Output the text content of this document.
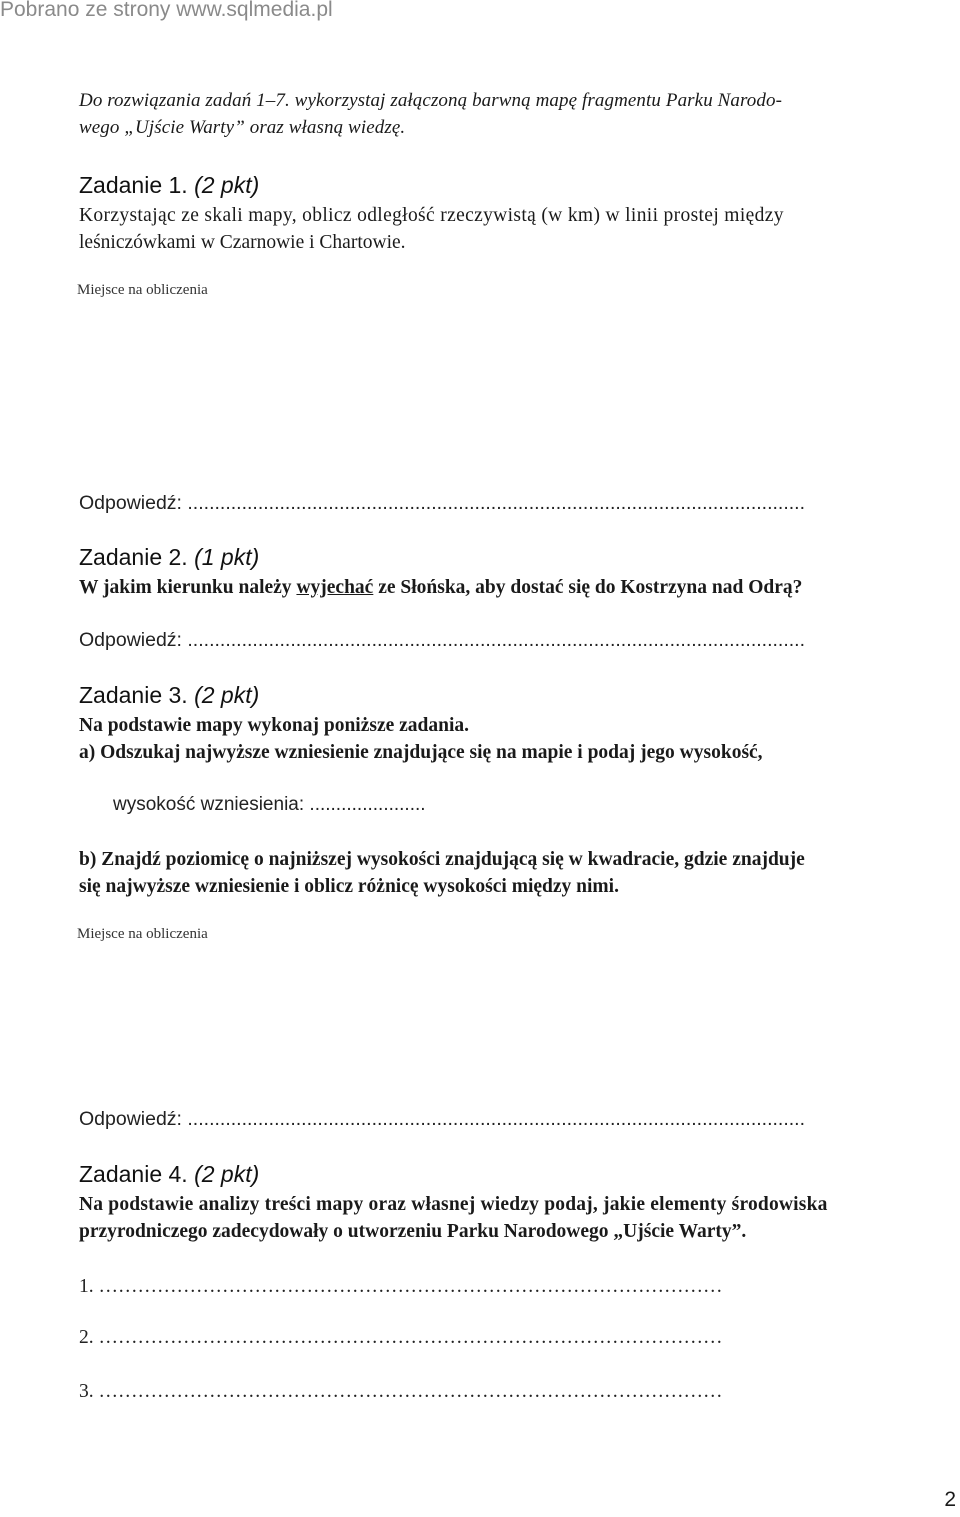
Pobrano ze strony www.sqlmedia.pl
Do rozwiązania zadań 1–7. wykorzystaj załączoną barwną mapę fragmentu Parku Narodo-
wego „Ujście Warty” oraz własną wiedzę.
Zadanie 1. (2 pkt)
Korzystając ze skali mapy, oblicz odległość rzeczywistą (w km) w linii prostej między
leśniczówkami w Czarnowie i Chartowie.
Miejsce na obliczenia
Odpowiedź: ..................................................................................................................
Zadanie 2. (1 pkt)
W jakim kierunku należy wyjechać ze Słońska, aby dostać się do Kostrzyna nad Odrą?
Odpowiedź: ..................................................................................................................
Zadanie 3. (2 pkt)
Na podstawie mapy wykonaj poniższe zadania.
a) Odszukaj najwyższe wzniesienie znajdujące się na mapie i podaj jego wysokość,
wysokość wzniesienia: ......................
b) Znajdź poziomicę o najniższej wysokości znajdującą się w kwadracie, gdzie znajduje
się najwyższe wzniesienie i oblicz różnicę wysokości między nimi.
Miejsce na obliczenia
Odpowiedź: ..................................................................................................................
Zadanie 4. (2 pkt)
Na podstawie analizy treści mapy oraz własnej wiedzy podaj, jakie elementy środowiska
przyrodniczego zadecydowały o utworzeniu Parku Narodowego „Ujście Warty”.
1. ……………………………………………………………………………………
2. ……………………………………………………………………………………
3. ……………………………………………………………………………………
2
